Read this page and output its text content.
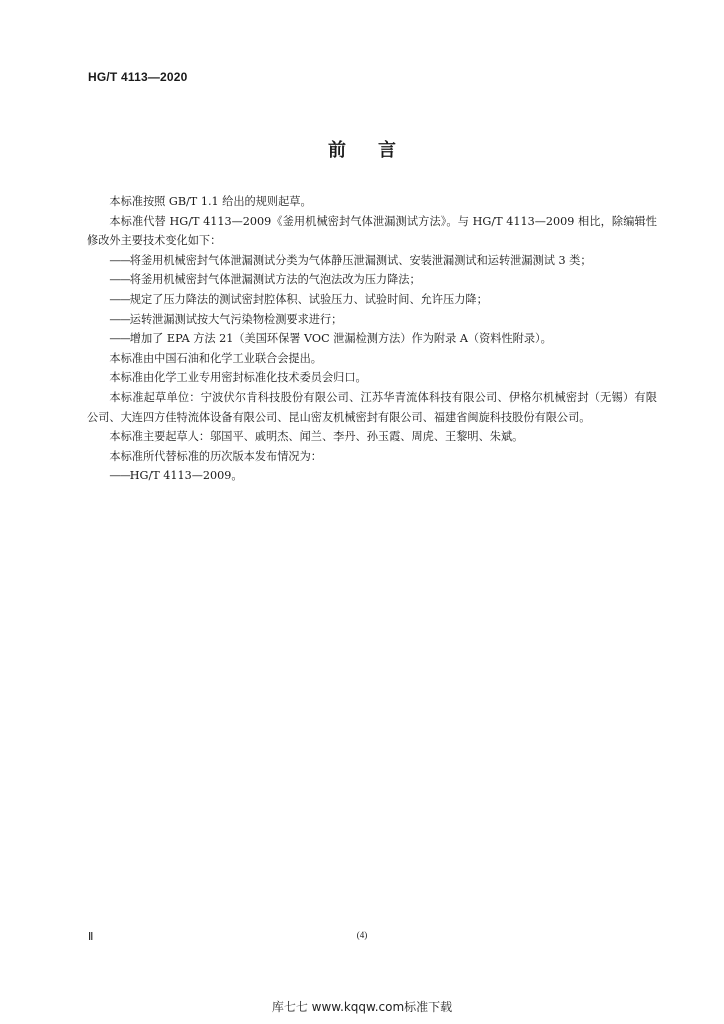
HG/T 4113—2020
前言

本标准按照 GB/T 1.1 给出的规则起草。

本标准代替 HG/T 4113—2009《釜用机械密封气体泄漏测试方法》。与 HG/T 4113—2009 相比，除编辑性修改外主要技术变化如下：

——将釜用机械密封气体泄漏测试分类为气体静压泄漏测试、安装泄漏测试和运转泄漏测试 3 类；

——将釜用机械密封气体泄漏测试方法的气泡法改为压力降法；

——规定了压力降法的测试密封腔体积、试验压力、试验时间、允许压力降；

——运转泄漏测试按大气污染物检测要求进行；

——增加了 EPA 方法 21（美国环保署 VOC 泄漏检测方法）作为附录 A（资料性附录）。

本标准由中国石油和化学工业联合会提出。

本标准由化学工业专用密封标准化技术委员会归口。

本标准起草单位：宁波伏尔肯科技股份有限公司、江苏华青流体科技有限公司、伊格尔机械密封（无锡）有限公司、大连四方佳特流体设备有限公司、昆山密友机械密封有限公司、福建省闽旋科技股份有限公司。

本标准主要起草人：邬国平、戚明杰、闻兰、李丹、孙玉霞、周虎、王黎明、朱斌。

本标准所代替标准的历次版本发布情况为：

——HG/T 4113—2009。

Ⅱ	(4)
库七七 www.kqqw.com标准下载
